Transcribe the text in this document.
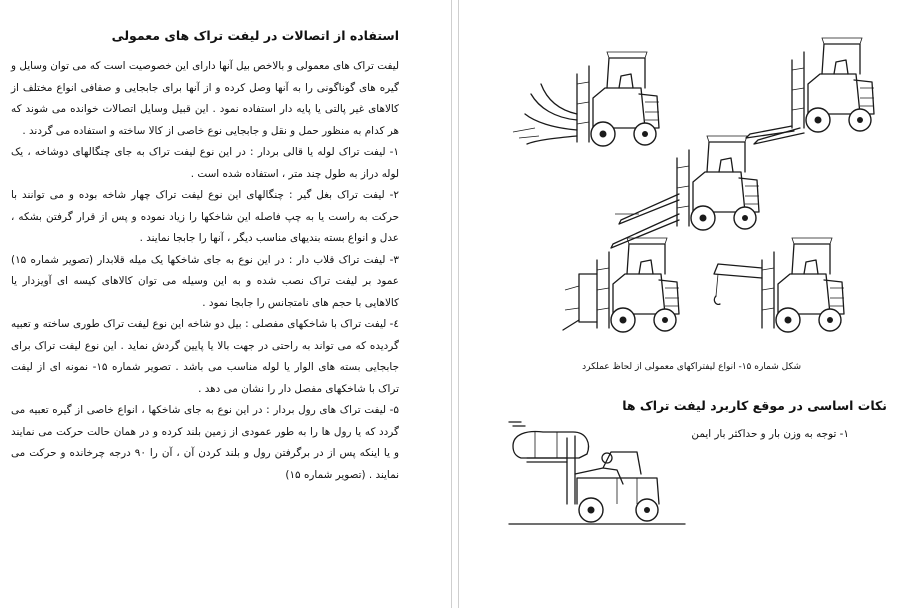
استفاده از اتصالات در لیفت تراک های معمولی

لیفت تراک های معمولی و بالاخص بیل آنها دارای این خصوصیت است که می توان وسایل و گیره های گوناگونی را به آنها وصل کرده و از آنها برای جابجایی و صفافی انواع مختلف از کالاهای غیر پالتی یا پایه دار استفاده نمود . این قبیل وسایل اتصالات خوانده می شوند که هر کدام به منظور حمل و نقل و جابجایی نوع خاصی از کالا ساخته و استفاده می گردند .

۱- لیفت تراک لوله یا قالی بردار : در این نوع لیفت تراک به جای چنگالهای دوشاخه ، یک لوله دراز به طول چند متر ، استفاده شده است .

۲- لیفت تراک بغل گیر : چنگالهای این نوع لیفت تراک چهار شاخه بوده و می توانند با حرکت به راست یا به چپ فاصله این شاخکها را زیاد نموده و پس از قرار گرفتن بشکه ، عدل و انواع بسته بندیهای مناسب دیگر ، آنها را جابجا نمایند .

۳- لیفت تراک قلاب دار : در این نوع به جای شاخکها یک میله قلابدار (تصویر شماره ۱۵) عمود بر لیفت تراک نصب شده و به این وسیله می توان کالاهای کیسه ای آویزدار یا کالاهایی با حجم های نامتجانس را جابجا نمود .

٤- لیفت تراک با شاخکهای مفصلی : بیل دو شاخه این نوع لیفت تراک طوری ساخته و تعبیه گردیده که می تواند به راحتی در جهت بالا یا پایین گردش نماید . این نوع لیفت تراک برای جابجایی بسته های الوار یا لوله مناسب می باشد . تصویر شماره ۱۵- نمونه ای از لیفت تراک با شاخکهای مفصل دار را نشان می دهد .

۵- لیفت تراک های رول بردار : در این نوع به جای شاخکها ، انواع خاصی از گیره تعبیه می گردد که یا رول ها را به طور عمودی از زمین بلند کرده و در همان حالت حرکت می نمایند و یا اینکه پس از در برگرفتن رول و بلند کردن آن ، آن را ۹۰ درجه چرخانده و حرکت می نمایند . (تصویر شماره ۱۵)

شکل شماره ۱۵- انواع لیفتراکهای معمولی از لحاظ عملکرد
نکات اساسی در موقع کاربرد لیفت تراک ها
۱- توجه به وزن بار و حداکثر بار ایمن
